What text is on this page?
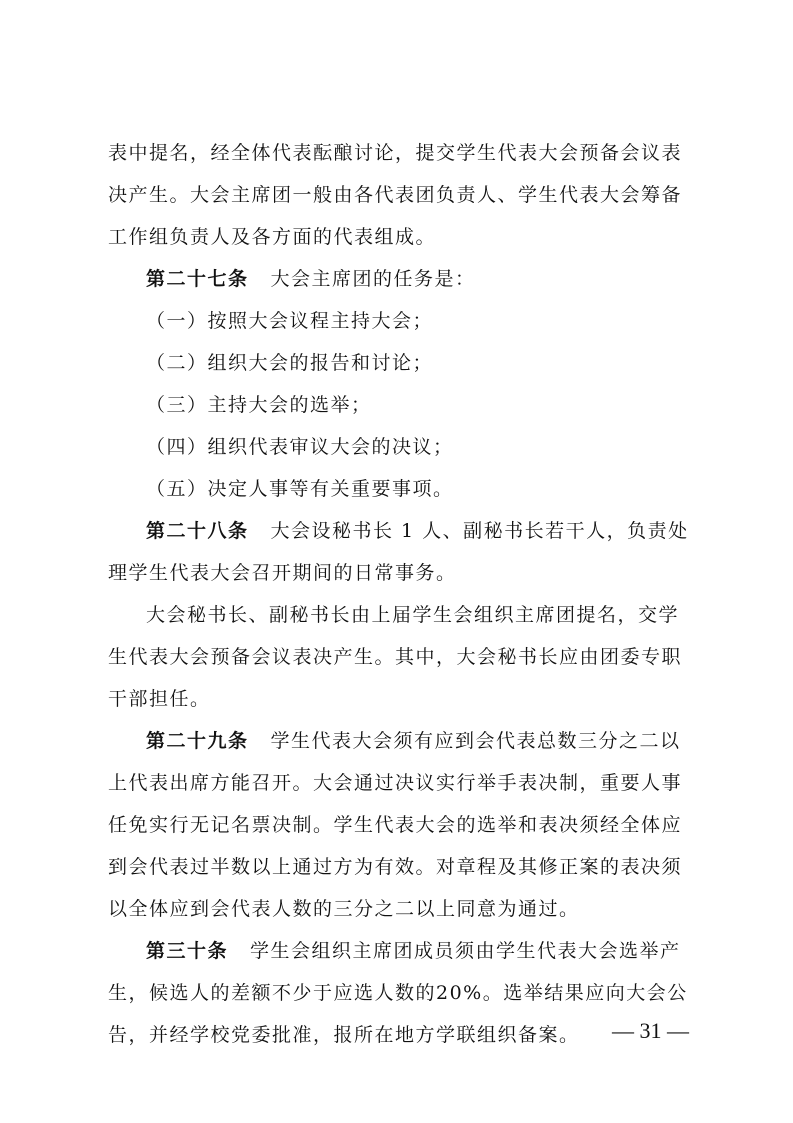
表中提名，经全体代表酝酿讨论，提交学生代表大会预备会议表

决产生。大会主席团一般由各代表团负责人、学生代表大会筹备

工作组负责人及各方面的代表组成。

第二十七条 大会主席团的任务是：

（一）按照大会议程主持大会；

（二）组织大会的报告和讨论；

（三）主持大会的选举；

（四）组织代表审议大会的决议；

（五）决定人事等有关重要事项。

第二十八条 大会设秘书长 1 人、副秘书长若干人，负责处

理学生代表大会召开期间的日常事务。

大会秘书长、副秘书长由上届学生会组织主席团提名，交学

生代表大会预备会议表决产生。其中，大会秘书长应由团委专职

干部担任。

第二十九条 学生代表大会须有应到会代表总数三分之二以

上代表出席方能召开。大会通过决议实行举手表决制，重要人事

任免实行无记名票决制。学生代表大会的选举和表决须经全体应

到会代表过半数以上通过方为有效。对章程及其修正案的表决须

以全体应到会代表人数的三分之二以上同意为通过。

第三十条 学生会组织主席团成员须由学生代表大会选举产

生，候选人的差额不少于应选人数的20%。选举结果应向大会公

告，并经学校党委批准，报所在地方学联组织备案。	— 31 —
